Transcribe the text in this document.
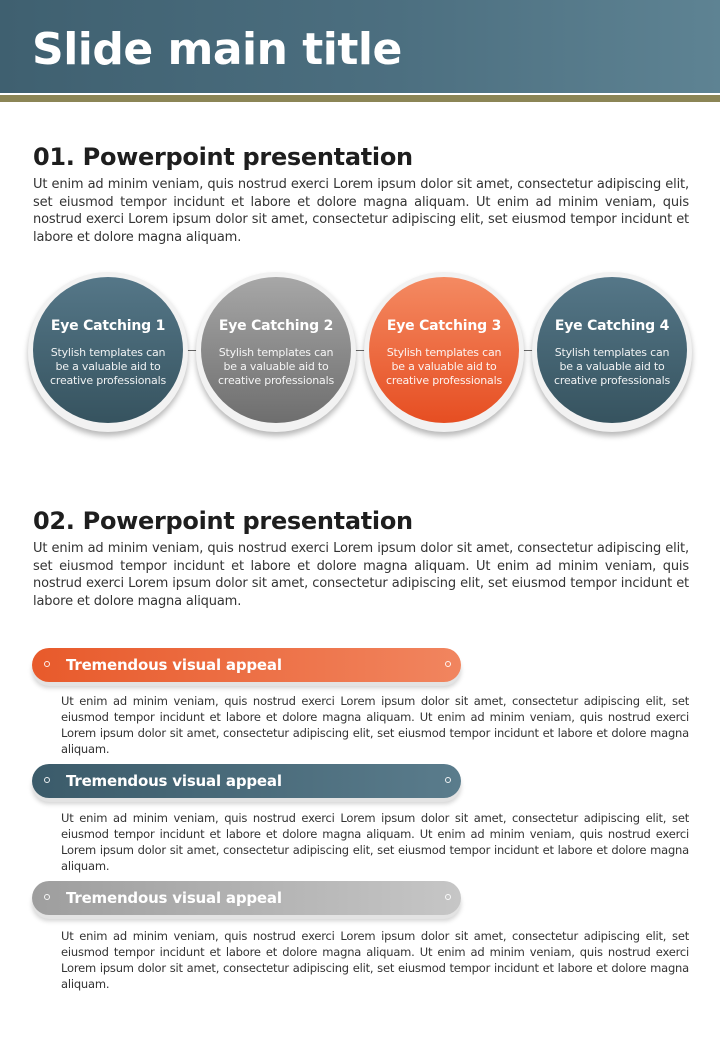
Slide main title
01. Powerpoint presentation

Ut enim ad minim veniam, quis nostrud exerci Lorem ipsum dolor sit amet, consectetur adipiscing elit, set eiusmod tempor incidunt et labore et dolore magna aliquam. Ut enim ad minim veniam, quis nostrud exerci Lorem ipsum dolor sit amet, consectetur adipiscing elit, set eiusmod tempor incidunt et labore et dolore magna aliquam.

Eye Catching 1
Stylish templates can be a valuable aid to creative professionals
Eye Catching 2
Stylish templates can be a valuable aid to creative professionals
Eye Catching 3
Stylish templates can be a valuable aid to creative professionals
Eye Catching 4
Stylish templates can be a valuable aid to creative professionals
02. Powerpoint presentation

Ut enim ad minim veniam, quis nostrud exerci Lorem ipsum dolor sit amet, consectetur adipiscing elit, set eiusmod tempor incidunt et labore et dolore magna aliquam. Ut enim ad minim veniam, quis nostrud exerci Lorem ipsum dolor sit amet, consectetur adipiscing elit, set eiusmod tempor incidunt et labore et dolore magna aliquam.

Tremendous visual appeal

Ut enim ad minim veniam, quis nostrud exerci Lorem ipsum dolor sit amet, consectetur adipiscing elit, set eiusmod tempor incidunt et labore et dolore magna aliquam. Ut enim ad minim veniam, quis nostrud exerci Lorem ipsum dolor sit amet, consectetur adipiscing elit, set eiusmod tempor incidunt et labore et dolore magna aliquam.

Tremendous visual appeal

Ut enim ad minim veniam, quis nostrud exerci Lorem ipsum dolor sit amet, consectetur adipiscing elit, set eiusmod tempor incidunt et labore et dolore magna aliquam. Ut enim ad minim veniam, quis nostrud exerci Lorem ipsum dolor sit amet, consectetur adipiscing elit, set eiusmod tempor incidunt et labore et dolore magna aliquam.

Tremendous visual appeal

Ut enim ad minim veniam, quis nostrud exerci Lorem ipsum dolor sit amet, consectetur adipiscing elit, set eiusmod tempor incidunt et labore et dolore magna aliquam. Ut enim ad minim veniam, quis nostrud exerci Lorem ipsum dolor sit amet, consectetur adipiscing elit, set eiusmod tempor incidunt et labore et dolore magna aliquam.
